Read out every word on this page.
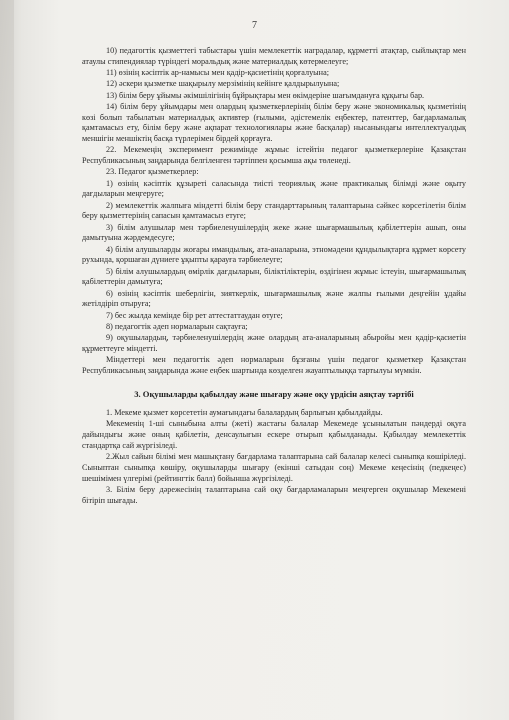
7

10) педагогтік қызметтегі табыстары үшін мемлекеттік наградалар, құрметті атақтар, сыйлықтар мен атаулы стипендиялар түріндегі моральдық және материалдық көтермелеуге;

11) өзінің кәсіптік ар-намысы мен қадір-қасиетінің қорғалуына;

12) әскери қызметке шақырылу мерзімінің кейінге қалдырылуына;

13) білім беру ұйымы әкімшілігінің бұйрықтары мен өкімдеріне шағымдануға құқығы бар.

14) білім беру ұйымдары мен олардың қызметкерлерінің білім беру және экономикалық қызметінің көзі болып табылатын материалдық активтер (ғылыми, әдістемелік еңбектер, патенттер, бағдарламалық қамтамасыз ету, білім беру және ақпарат технологиялары және басқалар) нысанындағы интеллектуалдық меншігін меншіктің басқа түрлерімен бірдей қорғауға.

22. Мекемеңің эксперимент режимінде жұмыс істейтін педагог қызметкерлеріне Қазақстан Республикасының заңдарында белгіленген тәртіппен қосымша ақы төленеді.

23. Педагог қызметкерлер:

1) өзінің кәсіптік құзыреті саласында тиісті теориялық және практикалық білімді және оқыту дағдыларын меңгеруге;

2) мемлекеттік жалпыға міндетті білім беру стандарттарының талаптарына сәйкес көрсетілетін білім беру қызметтерінің сапасын қамтамасыз етуге;

3) білім алушылар мен тәрбиеленушілердің жеке және шығармашылық қабілеттерін ашып, оны дамытуына жәрдемдесуге;

4) білім алушыларды жоғары имандылық, ата-аналарына, этномәдени құндылықтарға құрмет көрсету рухында, қоршаған дүниеге ұқыпты қарауға тәрбиелеуге;

5) білім алушылардың өмірлік дағдыларын, біліктіліктерін, өздігінен жұмыс істеуін, шығармашылық қабілеттерін дамытуға;

6) өзінің кәсіптік шеберлігін, зияткерлік, шығармашылық және жалпы ғылыми деңгейін ұдайы жетілдіріп отыруға;

7) бес жылда кемінде бір рет аттестаттаудан өтуге;

8) педагогтік әдеп нормаларын сақтауға;

9) оқушылардың, тәрбиеленушілердің және олардың ата-аналарының абыройы мен қадір-қасиетін құрметтеуге міндетті.

Міндеттері мен педагогтік әдеп нормаларын бұзғаны үшін педагог қызметкер Қазақстан Республикасының заңдарында және еңбек шартында көзделген жауаптылыққа тартылуы мүмкін.

3. Оқушыларды қабылдау және шығару және оқу үрдісін аяқтау тәртібі

1. Мекеме қызмет көрсететін аумағындағы балалардың барлығын қабылдайды.

Мекеменің 1-ші сыныбына алты (жеті) жастағы балалар Мекемеде ұсынылатын пәндерді оқуға дайындығы және оның қабілетін, денсаулығын ескере отырып қабылданады. Қабылдау мемлекеттік стандартқа сай жүргізіледі.

2.Жыл сайын білімі мен машықтану бағдарлама талаптарына сай балалар келесі сыныпқа көшіріледі. Сыныптан сыныпқа көшіру, оқушыларды шығару (екінші сатыдан соң) Мекеме кеңесінің (педкеңес) шешімімен үлгерімі (рейтингтік балл) бойынша жүргізіледі.

3. Білім беру дәрежесінің талаптарына сай оқу бағдарламаларын меңгерген оқушылар Мекемені бітіріп шығады.
